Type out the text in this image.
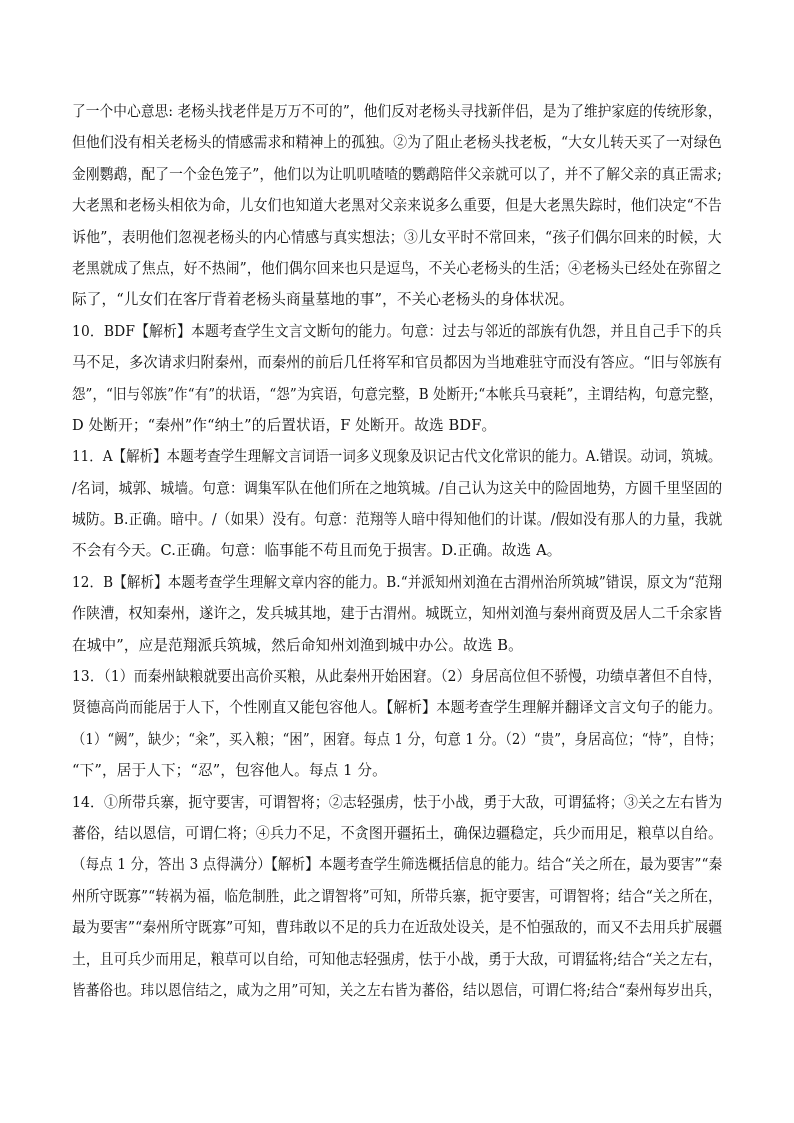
了一个中心意思: 老杨头找老伴是万万不可的”，他们反对老杨头寻找新伴侣，是为了维护家庭的传统形象，
但他们没有相关老杨头的情感需求和精神上的孤独。②为了阻止老杨头找老板，“大女儿转天买了一对绿色
金刚鹦鹉，配了一个金色笼子”，他们以为让叽叽喳喳的鹦鹉陪伴父亲就可以了，并不了解父亲的真正需求;
大老黑和老杨头相依为命，儿女们也知道大老黑对父亲来说多么重要，但是大老黑失踪时，他们决定“不告
诉他”，表明他们忽视老杨头的内心情感与真实想法；③儿女平时不常回来，“孩子们偶尔回来的时候，大
老黑就成了焦点，好不热闹”，他们偶尔回来也只是逗鸟，不关心老杨头的生活；④老杨头已经处在弥留之
际了，“儿女们在客厅背着老杨头商量墓地的事”，不关心老杨头的身体状况。
10．BDF【解析】本题考查学生文言文断句的能力。句意：过去与邻近的部族有仇怨，并且自己手下的兵
马不足，多次请求归附秦州，而秦州的前后几任将军和官员都因为当地难驻守而没有答应。“旧与邻族有
怨”，“旧与邻族”作“有”的状语，“怨”为宾语，句意完整，B 处断开;“本帐兵马衰耗”，主谓结构，句意完整，
D 处断开；“秦州”作“纳土”的后置状语，F 处断开。故选 BDF。
11．A【解析】本题考查学生理解文言词语一词多义现象及识记古代文化常识的能力。A.错误。动词，筑城。
/名词，城郭、城墙。句意：调集军队在他们所在之地筑城。/自己认为这关中的险固地势，方圆千里坚固的
城防。B.正确。暗中。/（如果）没有。句意：范翔等人暗中得知他们的计谋。/假如没有那人的力量，我就
不会有今天。C.正确。句意：临事能不苟且而免于损害。D.正确。故选 A。
12．B【解析】本题考查学生理解文章内容的能力。B.“并派知州刘渔在古渭州治所筑城”错误，原文为“范翔
作陕漕，权知秦州，遂许之，发兵城其地，建于古渭州。城既立，知州刘渔与秦州商贾及居人二千余家皆
在城中”，应是范翔派兵筑城，然后命知州刘渔到城中办公。故选 B。
13．（1）而秦州缺粮就要出高价买粮，从此秦州开始困窘。（2）身居高位但不骄慢，功绩卓著但不自恃，
贤德高尚而能居于人下，个性刚直又能包容他人。【解析】本题考查学生理解并翻译文言文句子的能力。
（1）“阙”，缺少；“籴”，买入粮；“困”，困窘。每点 1 分，句意 1 分。（2）“贵”，身居高位；“恃”，自恃；
“下”，居于人下；“忍”，包容他人。每点 1 分。
14．①所带兵寨，扼守要害，可谓智将；②志轻强虏，怯于小战，勇于大敌，可谓猛将；③关之左右皆为
蕃俗，结以恩信，可谓仁将；④兵力不足，不贪图开疆拓土，确保边疆稳定，兵少而用足，粮草以自给。
（每点 1 分，答出 3 点得满分）【解析】本题考查学生筛选概括信息的能力。结合“关之所在，最为要害”“秦
州所守既寡”“转祸为福，临危制胜，此之谓智将”可知，所带兵寨，扼守要害，可谓智将；结合“关之所在，
最为要害”“秦州所守既寡”可知，曹玮敢以不足的兵力在近敌处设关，是不怕强敌的，而又不去用兵扩展疆
土，且可兵少而用足，粮草可以自给，可知他志轻强虏，怯于小战，勇于大敌，可谓猛将;结合“关之左右，
皆蕃俗也。玮以恩信结之，咸为之用”可知，关之左右皆为蕃俗，结以恩信，可谓仁将;结合“秦州每岁出兵，
